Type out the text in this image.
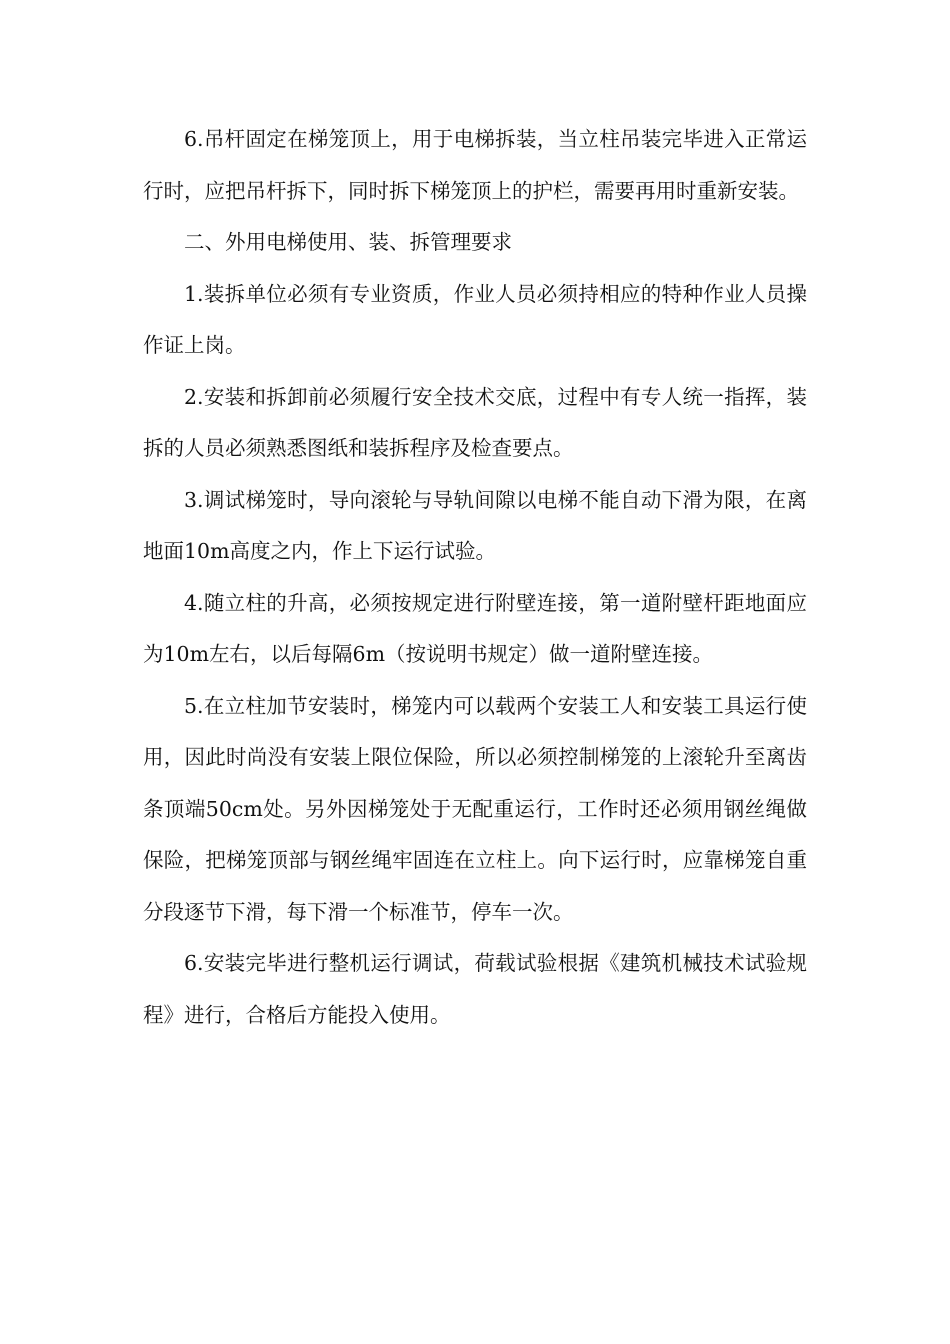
6.吊杆固定在梯笼顶上，用于电梯拆装，当立柱吊装完毕进入正常运行时，应把吊杆拆下，同时拆下梯笼顶上的护栏，需要再用时重新安装。

二、外用电梯使用、装、拆管理要求

1.装拆单位必须有专业资质，作业人员必须持相应的特种作业人员操作证上岗。

2.安装和拆卸前必须履行安全技术交底，过程中有专人统一指挥，装拆的人员必须熟悉图纸和装拆程序及检查要点。

3.调试梯笼时，导向滚轮与导轨间隙以电梯不能自动下滑为限，在离地面10m高度之内，作上下运行试验。

4.随立柱的升高，必须按规定进行附壁连接，第一道附壁杆距地面应为10m左右，以后每隔6m（按说明书规定）做一道附壁连接。

5.在立柱加节安装时，梯笼内可以载两个安装工人和安装工具运行使用，因此时尚没有安装上限位保险，所以必须控制梯笼的上滚轮升至离齿条顶端50cm处。另外因梯笼处于无配重运行，工作时还必须用钢丝绳做保险，把梯笼顶部与钢丝绳牢固连在立柱上。向下运行时，应靠梯笼自重分段逐节下滑，每下滑一个标准节，停车一次。

6.安装完毕进行整机运行调试，荷载试验根据《建筑机械技术试验规程》进行，合格后方能投入使用。
